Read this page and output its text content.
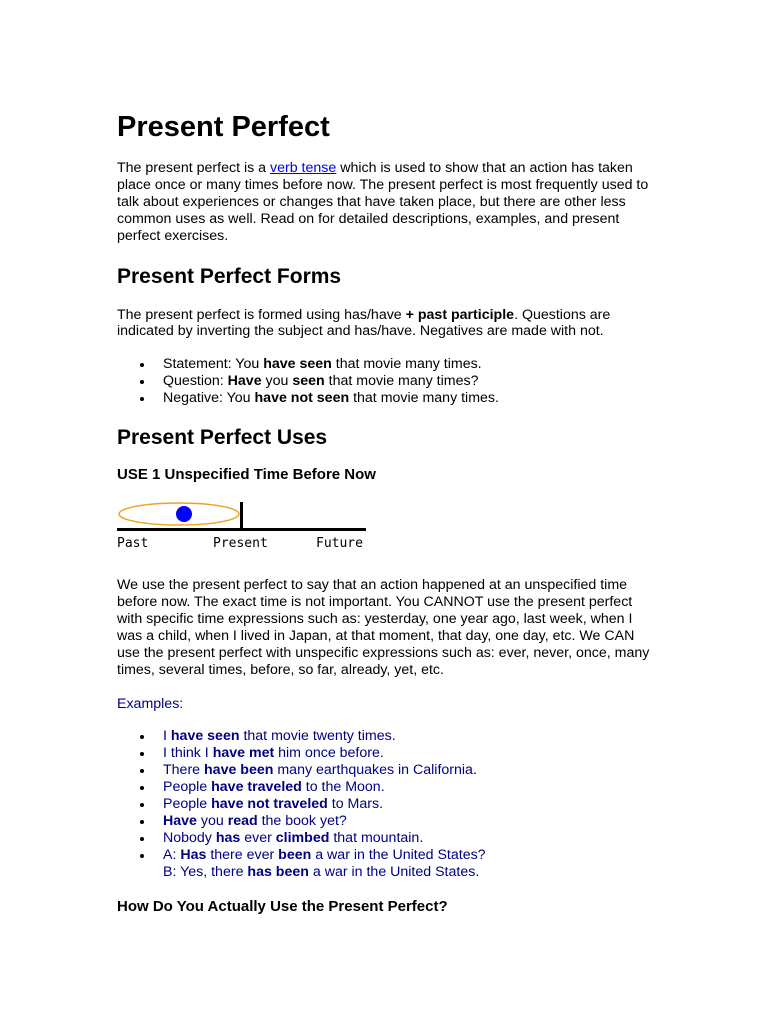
Present Perfect

The present perfect is a verb tense which is used to show that an action has taken place once or many times before now. The present perfect is most frequently used to talk about experiences or changes that have taken place, but there are other less common uses as well. Read on for detailed descriptions, examples, and present perfect exercises.

Present Perfect Forms

The present perfect is formed using has/have + past participle. Questions are indicated by inverting the subject and has/have. Negatives are made with not.

Statement: You have seen that movie many times.
Question: Have you seen that movie many times?
Negative: You have not seen that movie many times.
Present Perfect Uses
USE 1 Unspecified Time Before Now
Past	Present	Future

We use the present perfect to say that an action happened at an unspecified time before now. The exact time is not important. You CANNOT use the present perfect with specific time expressions such as: yesterday, one year ago, last week, when I was a child, when I lived in Japan, at that moment, that day, one day, etc. We CAN use the present perfect with unspecific expressions such as: ever, never, once, many times, several times, before, so far, already, yet, etc.

Examples:

I have seen that movie twenty times.
I think I have met him once before.
There have been many earthquakes in California.
People have traveled to the Moon.
People have not traveled to Mars.
Have you read the book yet?
Nobody has ever climbed that mountain.
A: Has there ever been a war in the United States?
B: Yes, there has been a war in the United States.
How Do You Actually Use the Present Perfect?
